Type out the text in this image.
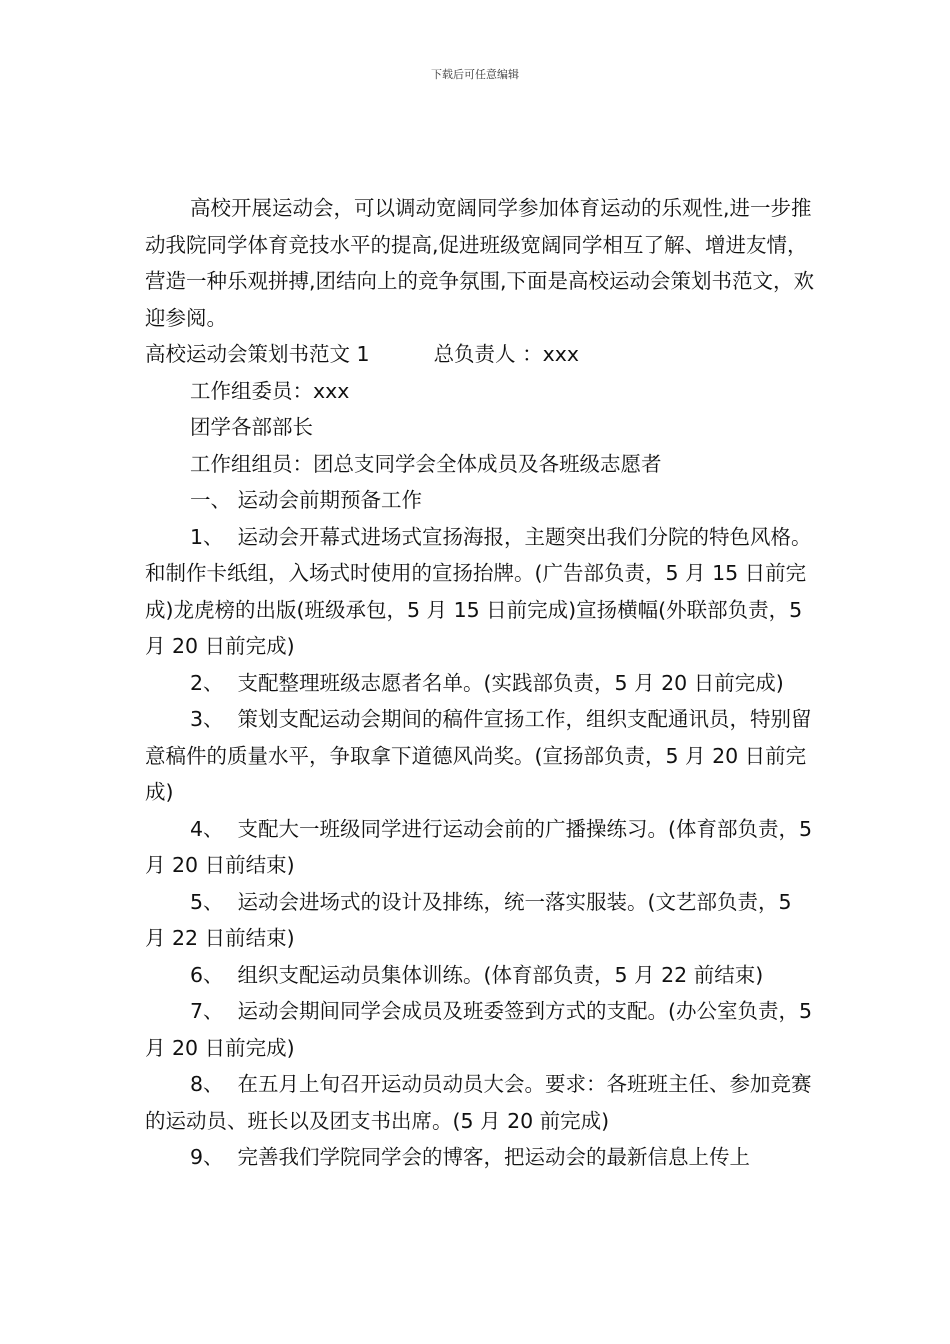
下载后可任意编辑

高校开展运动会，可以调动宽阔同学参加体育运动的乐观性,进一步推动我院同学体育竞技水平的提高,促进班级宽阔同学相互了解、增进友情，营造一种乐观拼搏,团结向上的竞争氛围,下面是高校运动会策划书范文，欢迎参阅。

高校运动会策划书范文 1	总负责人 ：xxx

工作组委员：xxx

团学各部部长

工作组组员：团总支同学会全体成员及各班级志愿者

一、 运动会前期预备工作

1、 运动会开幕式进场式宣扬海报，主题突出我们分院的特色风格。和制作卡纸组，入场式时使用的宣扬抬牌。(广告部负责，5 月 15 日前完成)龙虎榜的出版(班级承包，5 月 15 日前完成)宣扬横幅(外联部负责，5 月 20 日前完成)

2、 支配整理班级志愿者名单。(实践部负责，5 月 20 日前完成)

3、 策划支配运动会期间的稿件宣扬工作，组织支配通讯员，特别留意稿件的质量水平，争取拿下道德风尚奖。(宣扬部负责，5 月 20 日前完成)

4、 支配大一班级同学进行运动会前的广播操练习。(体育部负责，5 月 20 日前结束)

5、 运动会进场式的设计及排练，统一落实服装。(文艺部负责，5 月 22 日前结束)

6、 组织支配运动员集体训练。(体育部负责，5 月 22 前结束)

7、 运动会期间同学会成员及班委签到方式的支配。(办公室负责，5 月 20 日前完成)

8、 在五月上旬召开运动员动员大会。要求：各班班主任、参加竞赛的运动员、班长以及团支书出席。(5 月 20 前完成)

9、 完善我们学院同学会的博客，把运动会的最新信息上传上
